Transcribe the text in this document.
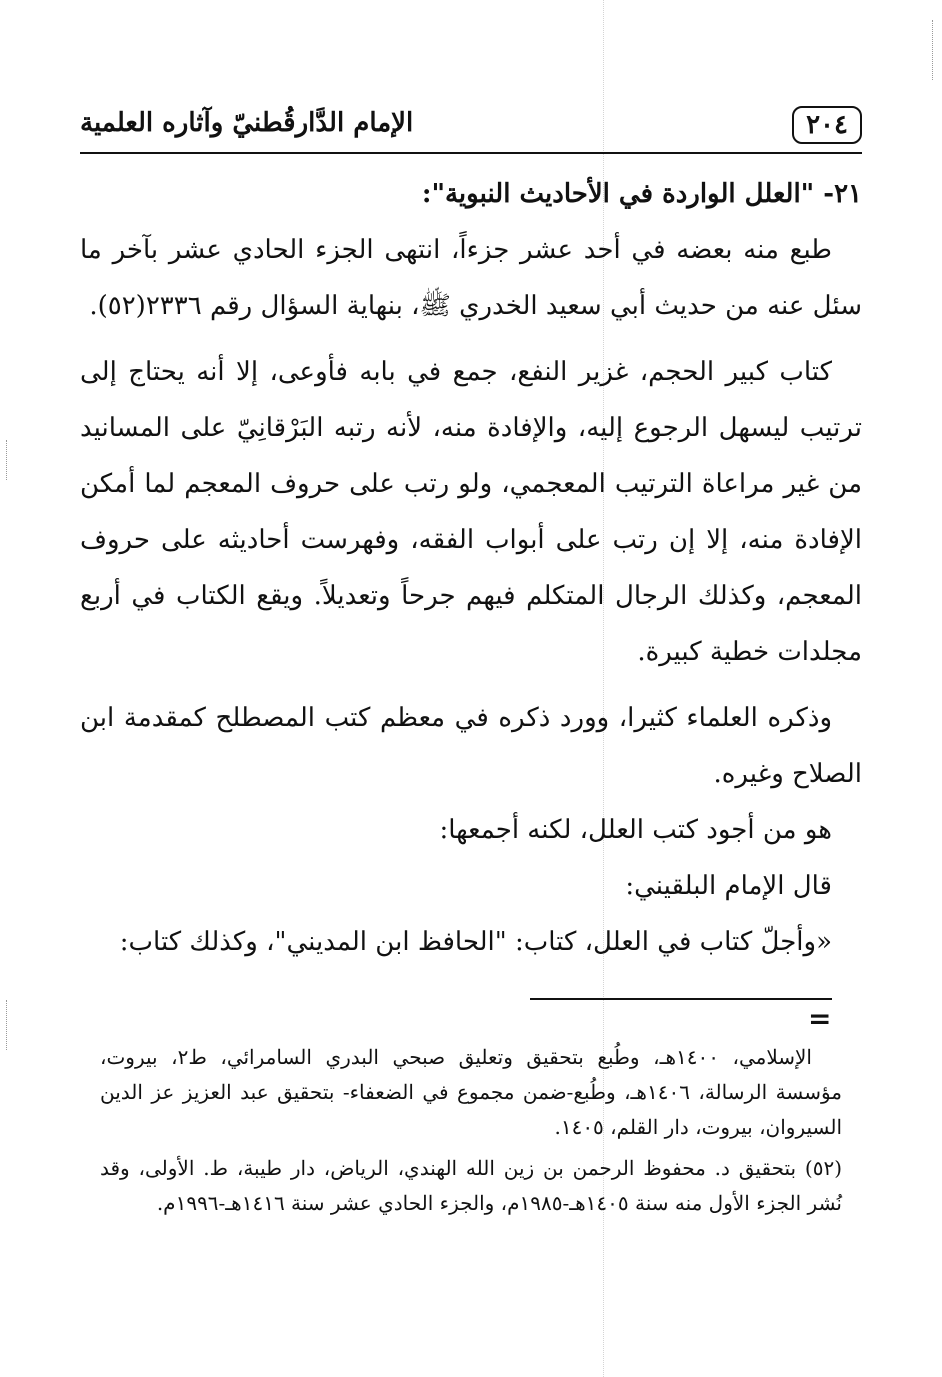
٢٠٤
الإمام الدَّارقُطنيّ وآثاره العلمية

٢١- "العلل الواردة في الأحاديث النبوية":

طبع منه بعضه في أحد عشر جزءاً، انتهى الجزء الحادي عشر بآخر ما سئل عنه من حديث أبي سعيد الخدري ﷺ، بنهاية السؤال رقم ٢٣٣٦(٥٢).

كتاب كبير الحجم، غزير النفع، جمع في بابه فأوعى، إلا أنه يحتاج إلى ترتيب ليسهل الرجوع إليه، والإفادة منه، لأنه رتبه البَرْقانِيّ على المسانيد من غير مراعاة الترتيب المعجمي، ولو رتب على حروف المعجم لما أمكن الإفادة منه، إلا إن رتب على أبواب الفقه، وفهرست أحاديثه على حروف المعجم، وكذلك الرجال المتكلم فيهم جرحاً وتعديلاً. ويقع الكتاب في أربع مجلدات خطية كبيرة.

وذكره العلماء كثيرا، وورد ذكره في معظم كتب المصطلح كمقدمة ابن الصلاح وغيره.

هو من أجود كتب العلل، لكنه أجمعها:

قال الإمام البلقيني:

«وأجلّ كتاب في العلل، كتاب: "الحافظ ابن المديني"، وكذلك كتاب:

=

الإسلامي، ١٤٠٠هـ، وطُبع بتحقيق وتعليق صبحي البدري السامرائي، ط٢، بيروت، مؤسسة الرسالة، ١٤٠٦هـ، وطُبع-ضمن مجموع في الضعفاء- بتحقيق عبد العزيز عز الدين السيروان، بيروت، دار القلم، ١٤٠٥.

(٥٢) بتحقيق د. محفوظ الرحمن بن زين الله الهندي، الرياض، دار طيبة، ط. الأولى، وقد نُشر الجزء الأول منه سنة ١٤٠٥هـ-١٩٨٥م، والجزء الحادي عشر سنة ١٤١٦هـ-١٩٩٦م.
